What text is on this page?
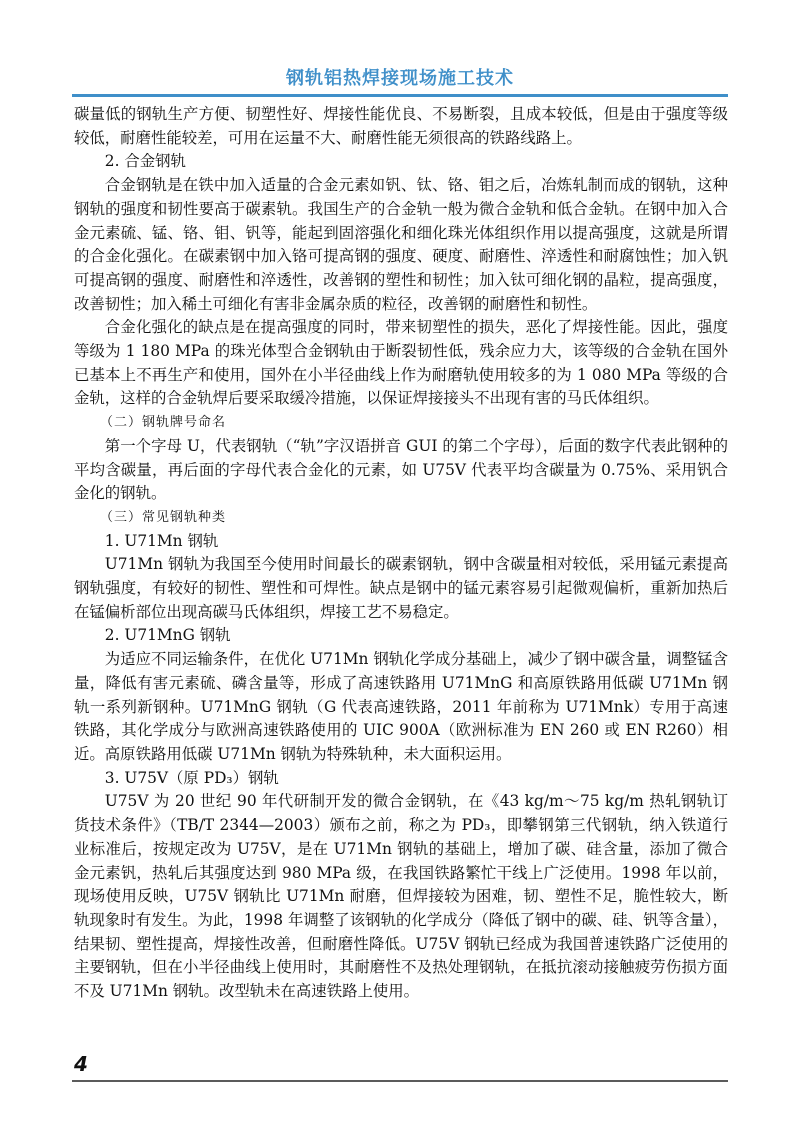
钢轨铝热焊接现场施工技术

碳量低的钢轨生产方便、韧塑性好、焊接性能优良、不易断裂，且成本较低，但是由于强度等级较低，耐磨性能较差，可用在运量不大、耐磨性能无须很高的铁路线路上。

2. 合金钢轨

合金钢轨是在铁中加入适量的合金元素如钒、钛、铬、钼之后，冶炼轧制而成的钢轨，这种钢轨的强度和韧性要高于碳素轨。我国生产的合金轨一般为微合金轨和低合金轨。在钢中加入合金元素硫、锰、铬、钼、钒等，能起到固溶强化和细化珠光体组织作用以提高强度，这就是所谓的合金化强化。在碳素钢中加入铬可提高钢的强度、硬度、耐磨性、淬透性和耐腐蚀性；加入钒可提高钢的强度、耐磨性和淬透性，改善钢的塑性和韧性；加入钛可细化钢的晶粒，提高强度，改善韧性；加入稀土可细化有害非金属杂质的粒径，改善钢的耐磨性和韧性。

合金化强化的缺点是在提高强度的同时，带来韧塑性的损失，恶化了焊接性能。因此，强度等级为 1 180 MPa 的珠光体型合金钢轨由于断裂韧性低，残余应力大，该等级的合金轨在国外已基本上不再生产和使用，国外在小半径曲线上作为耐磨轨使用较多的为 1 080 MPa 等级的合金轨，这样的合金轨焊后要采取缓冷措施，以保证焊接接头不出现有害的马氏体组织。

（二）钢轨牌号命名

第一个字母 U，代表钢轨（“轨”字汉语拼音 GUI 的第二个字母），后面的数字代表此钢种的平均含碳量，再后面的字母代表合金化的元素，如 U75V 代表平均含碳量为 0.75%、采用钒合金化的钢轨。

（三）常见钢轨种类

1. U71Mn 钢轨

U71Mn 钢轨为我国至今使用时间最长的碳素钢轨，钢中含碳量相对较低，采用锰元素提高钢轨强度，有较好的韧性、塑性和可焊性。缺点是钢中的锰元素容易引起微观偏析，重新加热后在锰偏析部位出现高碳马氏体组织，焊接工艺不易稳定。

2. U71MnG 钢轨

为适应不同运输条件，在优化 U71Mn 钢轨化学成分基础上，减少了钢中碳含量，调整锰含量，降低有害元素硫、磷含量等，形成了高速铁路用 U71MnG 和高原铁路用低碳 U71Mn 钢轨一系列新钢种。U71MnG 钢轨（G 代表高速铁路，2011 年前称为 U71Mnk）专用于高速铁路，其化学成分与欧洲高速铁路使用的 UIC 900A（欧洲标准为 EN 260 或 EN R260）相近。高原铁路用低碳 U71Mn 钢轨为特殊轨种，未大面积运用。

3. U75V（原 PD₃）钢轨

U75V 为 20 世纪 90 年代研制开发的微合金钢轨，在《43 kg/m～75 kg/m 热轧钢轨订货技术条件》（TB/T 2344—2003）颁布之前，称之为 PD₃，即攀钢第三代钢轨，纳入铁道行业标准后，按规定改为 U75V，是在 U71Mn 钢轨的基础上，增加了碳、硅含量，添加了微合金元素钒，热轧后其强度达到 980 MPa 级，在我国铁路繁忙干线上广泛使用。1998 年以前，现场使用反映，U75V 钢轨比 U71Mn 耐磨，但焊接较为困难，韧、塑性不足，脆性较大，断轨现象时有发生。为此，1998 年调整了该钢轨的化学成分（降低了钢中的碳、硅、钒等含量），结果韧、塑性提高，焊接性改善，但耐磨性降低。U75V 钢轨已经成为我国普速铁路广泛使用的主要钢轨，但在小半径曲线上使用时，其耐磨性不及热处理钢轨，在抵抗滚动接触疲劳伤损方面不及 U71Mn 钢轨。改型轨未在高速铁路上使用。

4
